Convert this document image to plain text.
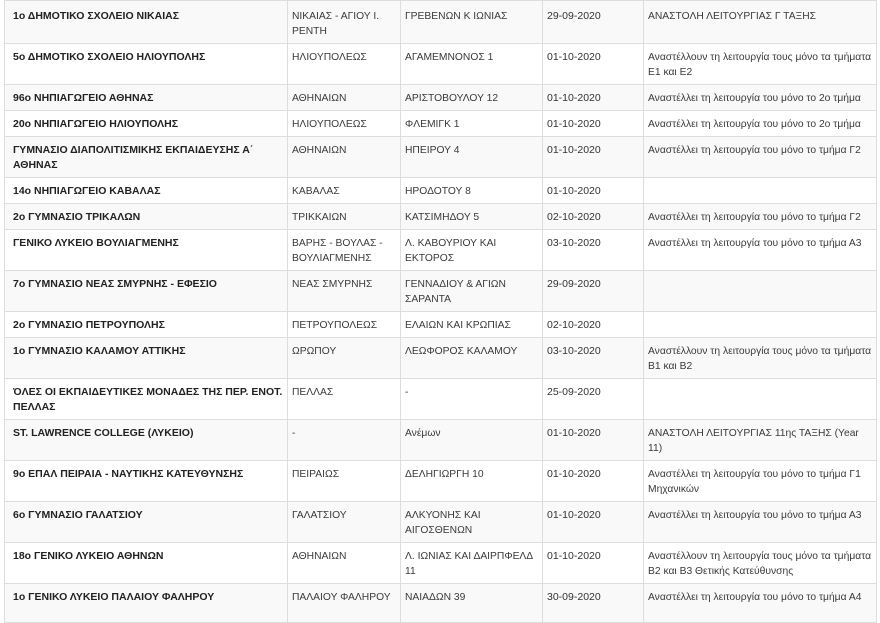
1ο ΔΗΜΟΤΙΚΟ ΣΧΟΛΕΙΟ ΝΙΚΑΙΑΣ	ΝΙΚΑΙΑΣ - ΑΓΙΟΥ Ι. ΡΕΝΤΗ	ΓΡΕΒΕΝΩΝ Κ ΙΩΝΙΑΣ	29-09-2020	ΑΝΑΣΤΟΛΗ ΛΕΙΤΟΥΡΓΙΑΣ Γ ΤΑΞΗΣ
5ο ΔΗΜΟΤΙΚΟ ΣΧΟΛΕΙΟ ΗΛΙΟΥΠΟΛΗΣ	ΗΛΙΟΥΠΟΛΕΩΣ	ΑΓΑΜΕΜΝΟΝΟΣ 1	01-10-2020	Αναστέλλουν τη λειτουργία τους μόνο τα τμήματα Ε1 και Ε2
96ο ΝΗΠΙΑΓΩΓΕΙΟ ΑΘΗΝΑΣ	ΑΘΗΝΑΙΩΝ	ΑΡΙΣΤΟΒΟΥΛΟΥ 12	01-10-2020	Αναστέλλει τη λειτουργία του μόνο το 2ο τμήμα
20ο ΝΗΠΙΑΓΩΓΕΙΟ ΗΛΙΟΥΠΟΛΗΣ	ΗΛΙΟΥΠΟΛΕΩΣ	ΦΛΕΜΙΓΚ 1	01-10-2020	Αναστέλλει τη λειτουργία του μόνο το 2ο τμήμα
ΓΥΜΝΑΣΙΟ ΔΙΑΠΟΛΙΤΙΣΜΙΚΗΣ ΕΚΠΑΙΔΕΥΣΗΣ Α΄ ΑΘΗΝΑΣ	ΑΘΗΝΑΙΩΝ	ΗΠΕΙΡΟΥ 4	01-10-2020	Αναστέλλει τη λειτουργία του μόνο το τμήμα Γ2
14ο ΝΗΠΙΑΓΩΓΕΙΟ ΚΑΒΑΛΑΣ	ΚΑΒΑΛΑΣ	ΗΡΟΔΟΤΟΥ 8	01-10-2020	
2ο ΓΥΜΝΑΣΙΟ ΤΡΙΚΑΛΩΝ	ΤΡΙΚΚΑΙΩΝ	ΚΑΤΣΙΜΗΔΟΥ 5	02-10-2020	Αναστέλλει τη λειτουργία του μόνο το τμήμα Γ2
ΓΕΝΙΚΟ ΛΥΚΕΙΟ ΒΟΥΛΙΑΓΜΕΝΗΣ	ΒΑΡΗΣ - ΒΟΥΛΑΣ - ΒΟΥΛΙΑΓΜΕΝΗΣ	Λ. ΚΑΒΟΥΡΙΟΥ ΚΑΙ ΕΚΤΟΡΟΣ	03-10-2020	Αναστέλλει τη λειτουργία του μόνο το τμήμα Α3
7ο ΓΥΜΝΑΣΙΟ ΝΕΑΣ ΣΜΥΡΝΗΣ - ΕΦΕΣΙΟ	ΝΕΑΣ ΣΜΥΡΝΗΣ	ΓΕΝΝΑΔΙΟΥ & ΑΓΙΩΝ ΣΑΡΑΝΤΑ	29-09-2020	
2ο ΓΥΜΝΑΣΙΟ ΠΕΤΡΟΥΠΟΛΗΣ	ΠΕΤΡΟΥΠΟΛΕΩΣ	ΕΛΑΙΩΝ ΚΑΙ ΚΡΩΠΙΑΣ	02-10-2020	
1ο ΓΥΜΝΑΣΙΟ ΚΑΛΑΜΟΥ ΑΤΤΙΚΗΣ	ΩΡΩΠΟΥ	ΛΕΩΦΟΡΟΣ ΚΑΛΑΜΟΥ	03-10-2020	Αναστέλλουν τη λειτουργία τους μόνο τα τμήματα Β1 και Β2
ΌΛΕΣ ΟΙ ΕΚΠΑΙΔΕΥΤΙΚΕΣ ΜΟΝΑΔΕΣ ΤΗΣ ΠΕΡ. ΕΝΟΤ. ΠΕΛΛΑΣ	ΠΕΛΛΑΣ	-	25-09-2020	
ST. LAWRENCE COLLEGE (ΛΥΚΕΙΟ)	-	Ανέμων	01-10-2020	ΑΝΑΣΤΟΛΗ ΛΕΙΤΟΥΡΓΙΑΣ 11ης ΤΑΞΗΣ (Year 11)
9ο ΕΠΑΛ ΠΕΙΡΑΙΑ - ΝΑΥΤΙΚΗΣ ΚΑΤΕΥΘΥΝΣΗΣ	ΠΕΙΡΑΙΩΣ	ΔΕΛΗΓΙΩΡΓΗ 10	01-10-2020	Αναστέλλει τη λειτουργία του μόνο το τμήμα Γ1 Μηχανικών
6ο ΓΥΜΝΑΣΙΟ ΓΑΛΑΤΣΙΟΥ	ΓΑΛΑΤΣΙΟΥ	ΑΛΚΥΟΝΗΣ ΚΑΙ ΑΙΓΟΣΘΕΝΩΝ	01-10-2020	Αναστέλλει τη λειτουργία του μόνο το τμήμα Α3
18ο ΓΕΝΙΚΟ ΛΥΚΕΙΟ ΑΘΗΝΩΝ	ΑΘΗΝΑΙΩΝ	Λ. ΙΩΝΙΑΣ ΚΑΙ ΔΑΙΡΠΦΕΛΔ 11	01-10-2020	Αναστέλλουν τη λειτουργία τους μόνο τα τμήματα Β2 και Β3 Θετικής Κατεύθυνσης
1ο ΓΕΝΙΚΟ ΛΥΚΕΙΟ ΠΑΛΑΙΟΥ ΦΑΛΗΡΟΥ	ΠΑΛΑΙΟΥ ΦΑΛΗΡΟΥ	ΝΑΙΑΔΩΝ 39	30-09-2020	Αναστέλλει τη λειτουργία του μόνο το τμήμα Α4
